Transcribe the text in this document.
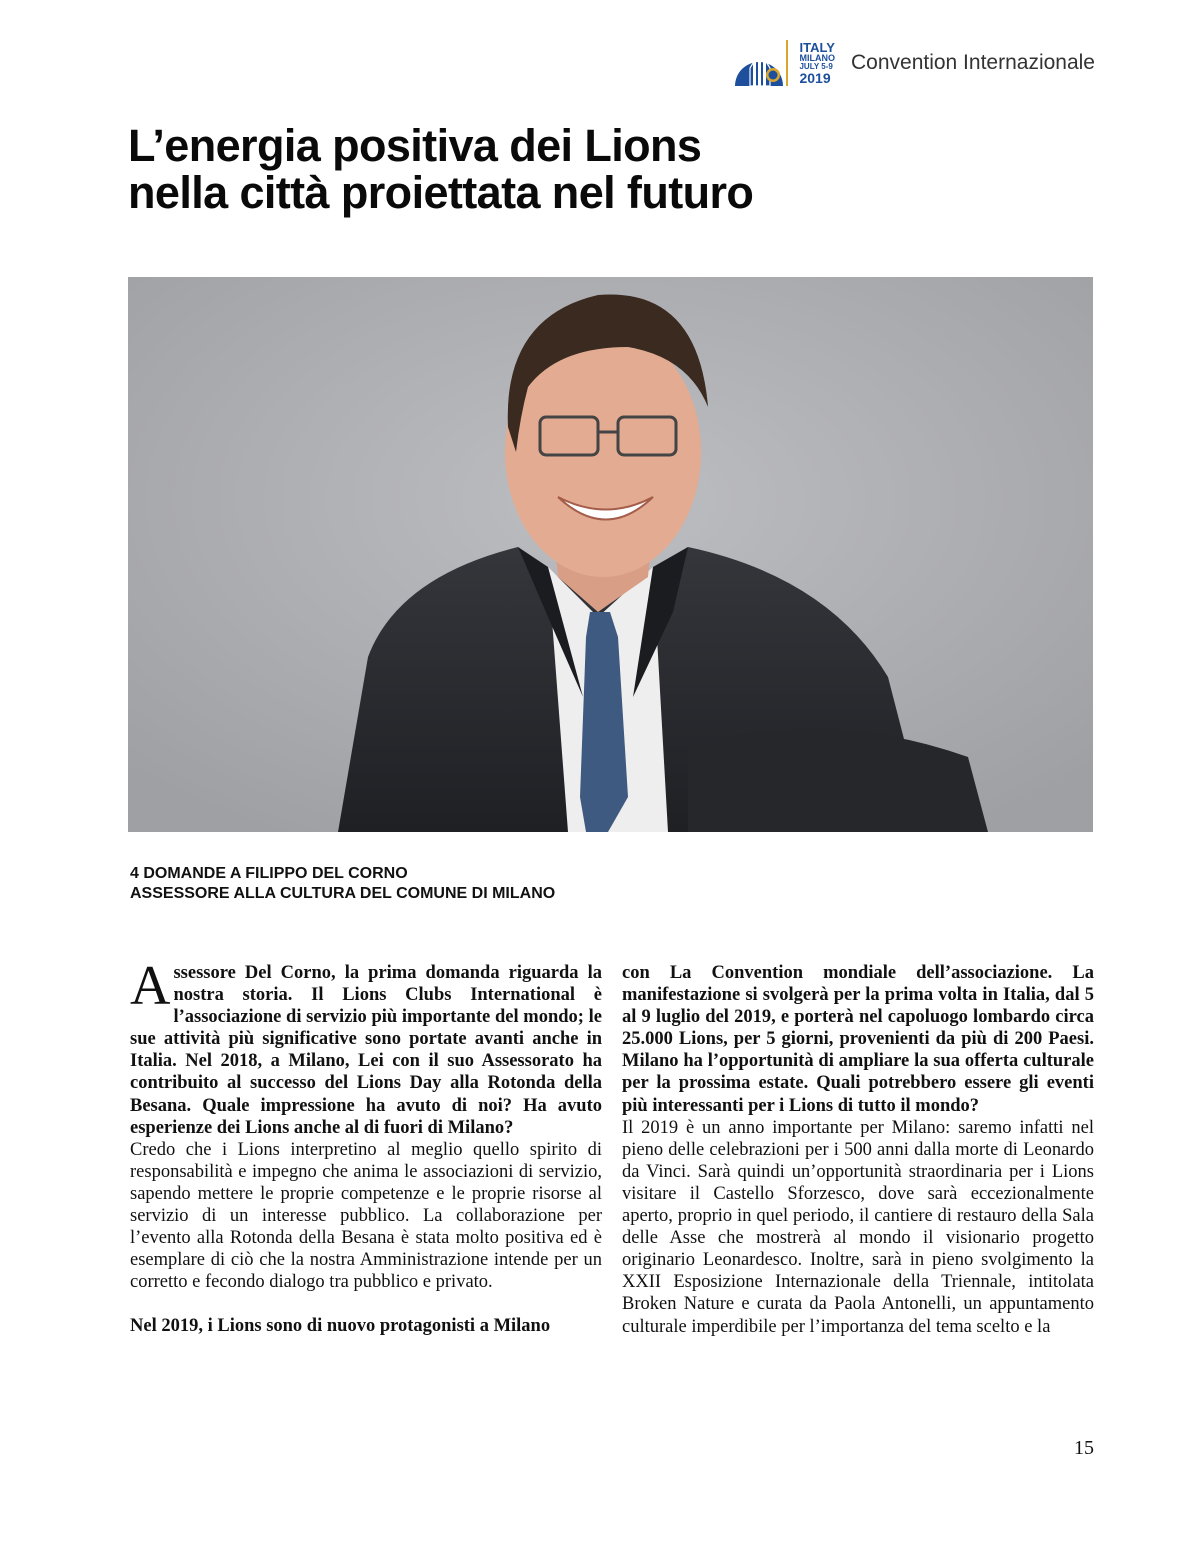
ITALY
MILANO
JULY 5-9
2019
Convention Internazionale
L’energia positiva dei Lions
nella città proiettata nel futuro
4 DOMANDE A FILIPPO DEL CORNO
ASSESSORE ALLA CULTURA DEL COMUNE DI MILANO

Assessore Del Corno, la prima domanda riguarda la nostra storia. Il Lions Clubs International è l’associazione di servizio più importante del mondo; le sue attività più significative sono portate avanti anche in Italia. Nel 2018, a Milano, Lei con il suo Assessorato ha contribuito al successo del Lions Day alla Rotonda della Besana. Quale impressione ha avuto di noi? Ha avuto esperienze dei Lions anche al di fuori di Milano?

Credo che i Lions interpretino al meglio quello spirito di responsabilità e impegno che anima le associazioni di servizio, sapendo mettere le proprie competenze e le proprie risorse al servizio di un interesse pubblico. La collaborazione per l’evento alla Rotonda della Besana è stata molto positiva ed è esemplare di ciò che la nostra Amministrazione intende per un corretto e fecondo dialogo tra pubblico e privato.

Nel 2019, i Lions sono di nuovo protagonisti a Milano

con La Convention mondiale dell’associazione. La manifestazione si svolgerà per la prima volta in Italia, dal 5 al 9 luglio del 2019, e porterà nel capoluogo lombardo circa 25.000 Lions, per 5 giorni, provenienti da più di 200 Paesi. Milano ha l’opportunità di ampliare la sua offerta culturale per la prossima estate. Quali potrebbero essere gli eventi più interessanti per i Lions di tutto il mondo?

Il 2019 è un anno importante per Milano: saremo infatti nel pieno delle celebrazioni per i 500 anni dalla morte di Leonardo da Vinci. Sarà quindi un’opportunità straordinaria per i Lions visitare il Castello Sforzesco, dove sarà eccezionalmente aperto, proprio in quel periodo, il cantiere di restauro della Sala delle Asse che mostrerà al mondo il visionario progetto originario Leonardesco. Inoltre, sarà in pieno svolgimento la XXII Esposizione Internazionale della Triennale, intitolata Broken Nature e curata da Paola Antonelli, un appuntamento culturale imperdibile per l’importanza del tema scelto e la

15
